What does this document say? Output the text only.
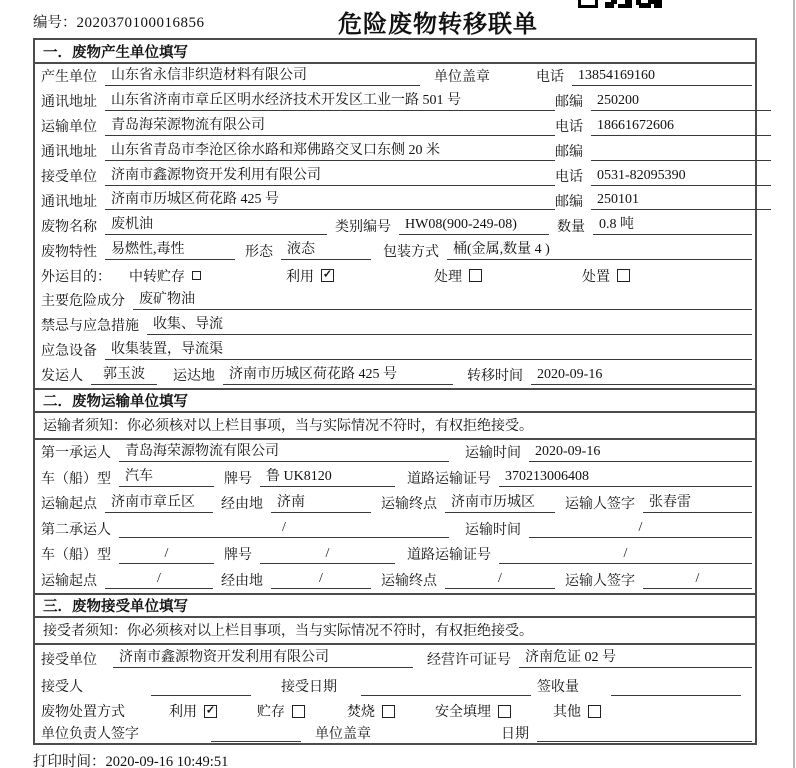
编号：2020370100016856	危险废物转移联单
一．废物产生单位填写
产生单位	山东省永信非织造材料有限公司	单位盖章	电话	13854169160
通讯地址	山东省济南市章丘区明水经济技术开发区工业一路 501 号	邮编	250200
运输单位	青岛海荣源物流有限公司	电话	18661672606
通讯地址	山东省青岛市李沧区徐水路和郑佛路交叉口东侧 20 米	邮编
接受单位	济南市鑫源物资开发利用有限公司	电话	0531-82095390
通讯地址	济南市历城区荷花路 425 号	邮编	250101
废物名称	废机油	类别编号	HW08(900-249-08)	数量	0.8 吨
废物特性	易燃性,毒性	形态	液态	包装方式	桶(金属,数量 4 )
外运目的： 中转贮存	利用 ✓	处理	处置
主要危险成分	废矿物油
禁忌与应急措施	收集、导流
应急设备	收集装置，导流渠
发运人	郭玉波	运达地	济南市历城区荷花路 425 号	转移时间	2020-09-16
二．废物运输单位填写
运输者须知：你必须核对以上栏目事项，当与实际情况不符时，有权拒绝接受。
第一承运人	青岛海荣源物流有限公司	运输时间	2020-09-16
车（船）型	汽车	牌号	鲁 UK8120	道路运输证号	370213006408
运输起点	济南市章丘区	经由地	济南	运输终点	济南市历城区	运输人签字	张春雷
第二承运人	/	运输时间	/
车（船）型	/	牌号	/	道路运输证号	/
运输起点	/	经由地	/	运输终点	/	运输人签字	/
三．废物接受单位填写
接受者须知：你必须核对以上栏目事项，当与实际情况不符时，有权拒绝接受。
接受单位	济南市鑫源物资开发利用有限公司	经营许可证号	济南危证 02 号
接受人	接受日期	签收量
废物处置方式	利用 ✓	贮存	焚烧	安全填埋	其他
单位负责人签字	单位盖章	日期
打印时间：2020-09-16 10:49:51
